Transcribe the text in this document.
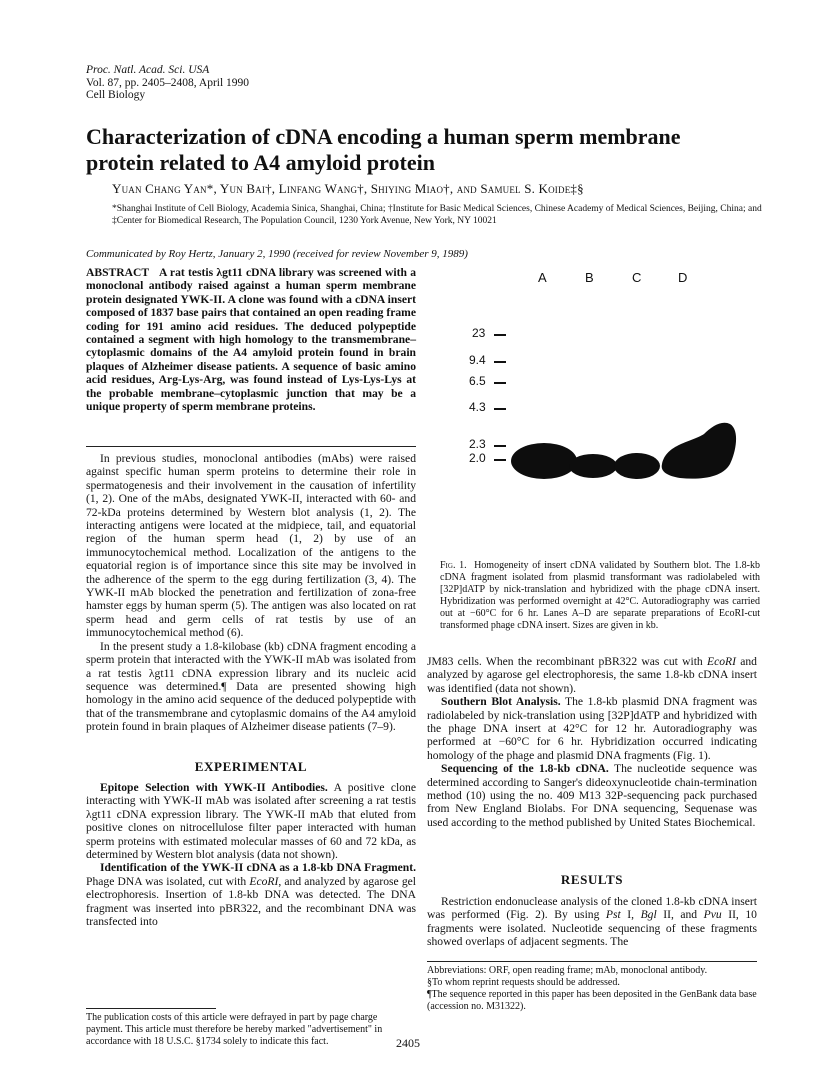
Proc. Natl. Acad. Sci. USA
Vol. 87, pp. 2405–2408, April 1990
Cell Biology
Characterization of cDNA encoding a human sperm membrane protein related to A4 amyloid protein
Yuan Chang Yan*, Yun Bai†, Linfang Wang†, Shiying Miao†, and Samuel S. Koide‡§
*Shanghai Institute of Cell Biology, Academia Sinica, Shanghai, China; †Institute for Basic Medical Sciences, Chinese Academy of Medical Sciences, Beijing, China; and ‡Center for Biomedical Research, The Population Council, 1230 York Avenue, New York, NY 10021
Communicated by Roy Hertz, January 2, 1990 (received for review November 9, 1989)
ABSTRACT A rat testis λgt11 cDNA library was screened with a monoclonal antibody raised against a human sperm membrane protein designated YWK-II. A clone was found with a cDNA insert composed of 1837 base pairs that contained an open reading frame coding for 191 amino acid residues. The deduced polypeptide contained a segment with high homology to the transmembrane–cytoplasmic domains of the A4 amyloid protein found in brain plaques of Alzheimer disease patients. A sequence of basic amino acid residues, Arg-Lys-Arg, was found instead of Lys-Lys-Lys at the probable membrane–cytoplasmic junction that may be a unique property of sperm membrane proteins.

In previous studies, monoclonal antibodies (mAbs) were raised against specific human sperm proteins to determine their role in spermatogenesis and their involvement in the causation of infertility (1, 2). One of the mAbs, designated YWK-II, interacted with 60- and 72-kDa proteins determined by Western blot analysis (1, 2). The interacting antigens were located at the midpiece, tail, and equatorial region of the human sperm head (1, 2) by use of an immunocytochemical method. Localization of the antigens to the equatorial region is of importance since this site may be involved in the adherence of the sperm to the egg during fertilization (3, 4). The YWK-II mAb blocked the penetration and fertilization of zona-free hamster eggs by human sperm (5). The antigen was also located on rat sperm head and germ cells of rat testis by use of an immunocytochemical method (6).

In the present study a 1.8-kilobase (kb) cDNA fragment encoding a sperm protein that interacted with the YWK-II mAb was isolated from a rat testis λgt11 cDNA expression library and its nucleic acid sequence was determined.¶ Data are presented showing high homology in the amino acid sequence of the deduced polypeptide with that of the transmembrane and cytoplasmic domains of the A4 amyloid protein found in brain plaques of Alzheimer disease patients (7–9).

EXPERIMENTAL

Epitope Selection with YWK-II Antibodies. A positive clone interacting with YWK-II mAb was isolated after screening a rat testis λgt11 cDNA expression library. The YWK-II mAb that eluted from positive clones on nitrocellulose filter paper interacted with human sperm proteins with estimated molecular masses of 60 and 72 kDa, as determined by Western blot analysis (data not shown).

Identification of the YWK-II cDNA as a 1.8-kb DNA Fragment. Phage DNA was isolated, cut with EcoRI, and analyzed by agarose gel electrophoresis. Insertion of 1.8-kb DNA was detected. The DNA fragment was inserted into pBR322, and the recombinant DNA was transfected into

The publication costs of this article were defrayed in part by page charge payment. This article must therefore be hereby marked "advertisement" in accordance with 18 U.S.C. §1734 solely to indicate this fact.
A	B	C	D
23
9.4
6.5
4.3
2.3
2.0
Fig. 1. Homogeneity of insert cDNA validated by Southern blot. The 1.8-kb cDNA fragment isolated from plasmid transformant was radiolabeled with [32P]dATP by nick-translation and hybridized with the phage cDNA insert. Hybridization was performed overnight at 42°C. Autoradiography was carried out at −60°C for 6 hr. Lanes A–D are separate preparations of EcoRI-cut transformed phage cDNA insert. Sizes are given in kb.

JM83 cells. When the recombinant pBR322 was cut with EcoRI and analyzed by agarose gel electrophoresis, the same 1.8-kb cDNA insert was identified (data not shown).

Southern Blot Analysis. The 1.8-kb plasmid DNA fragment was radiolabeled by nick-translation using [32P]dATP and hybridized with the phage DNA insert at 42°C for 12 hr. Autoradiography was performed at −60°C for 6 hr. Hybridization occurred indicating homology of the phage and plasmid DNA fragments (Fig. 1).

Sequencing of the 1.8-kb cDNA. The nucleotide sequence was determined according to Sanger's dideoxynucleotide chain-termination method (10) using the no. 409 M13 32P-sequencing pack purchased from New England Biolabs. For DNA sequencing, Sequenase was used according to the method published by United States Biochemical.

RESULTS

Restriction endonuclease analysis of the cloned 1.8-kb cDNA insert was performed (Fig. 2). By using Pst I, Bgl II, and Pvu II, 10 fragments were isolated. Nucleotide sequencing of these fragments showed overlaps of adjacent segments. The

Abbreviations: ORF, open reading frame; mAb, monoclonal antibody.
§To whom reprint requests should be addressed.
¶The sequence reported in this paper has been deposited in the GenBank data base (accession no. M31322).
2405
